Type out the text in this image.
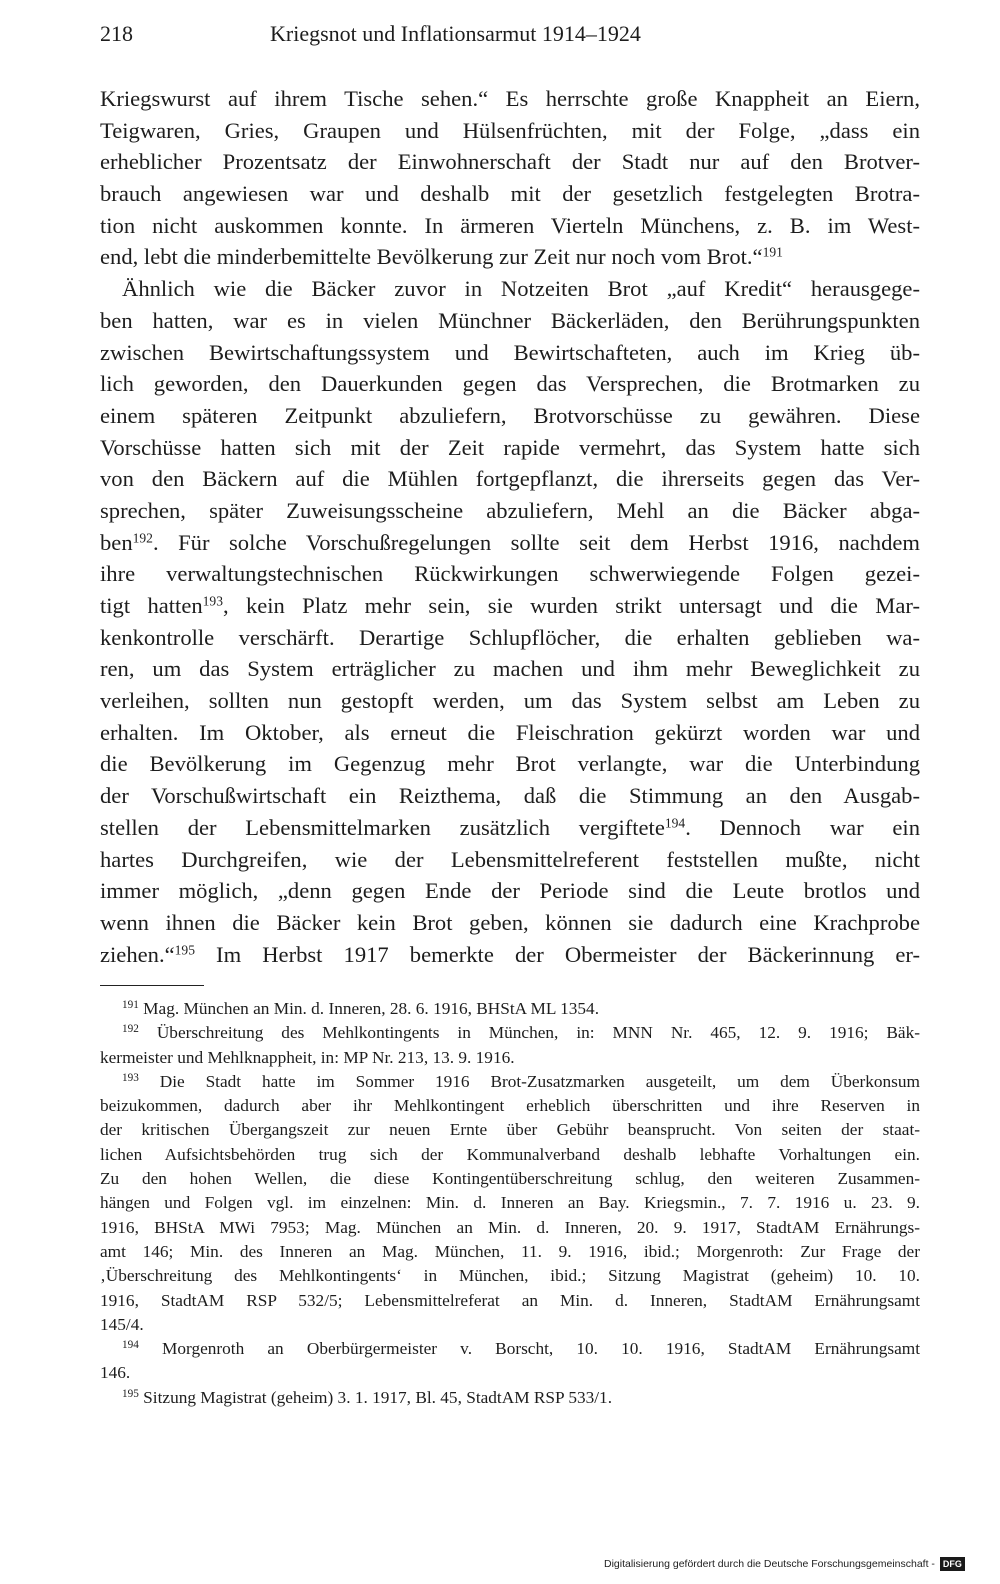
218	Kriegsnot und Inflationsarmut 1914–1924
Kriegswurst auf ihrem Tische sehen.“ Es herrschte große Knappheit an Eiern,
Teigwaren, Gries, Graupen und Hülsenfrüchten, mit der Folge, „dass ein
erheblicher Prozentsatz der Einwohnerschaft der Stadt nur auf den Brotver-
brauch angewiesen war und deshalb mit der gesetzlich festgelegten Brotra-
tion nicht auskommen konnte. In ärmeren Vierteln Münchens, z. B. im West-
end, lebt die minderbemittelte Bevölkerung zur Zeit nur noch vom Brot.“$^{191}$
Ähnlich wie die Bäcker zuvor in Notzeiten Brot „auf Kredit“ herausgege-
ben hatten, war es in vielen Münchner Bäckerläden, den Berührungspunkten
zwischen Bewirtschaftungssystem und Bewirtschafteten, auch im Krieg üb-
lich geworden, den Dauerkunden gegen das Versprechen, die Brotmarken zu
einem späteren Zeitpunkt abzuliefern, Brotvorschüsse zu gewähren. Diese
Vorschüsse hatten sich mit der Zeit rapide vermehrt, das System hatte sich
von den Bäckern auf die Mühlen fortgepflanzt, die ihrerseits gegen das Ver-
sprechen, später Zuweisungsscheine abzuliefern, Mehl an die Bäcker abga-
ben$^{192}$. Für solche Vorschußregelungen sollte seit dem Herbst 1916, nachdem
ihre verwaltungstechnischen Rückwirkungen schwerwiegende Folgen gezei-
tigt hatten$^{193}$, kein Platz mehr sein, sie wurden strikt untersagt und die Mar-
kenkontrolle verschärft. Derartige Schlupflöcher, die erhalten geblieben wa-
ren, um das System erträglicher zu machen und ihm mehr Beweglichkeit zu
verleihen, sollten nun gestopft werden, um das System selbst am Leben zu
erhalten. Im Oktober, als erneut die Fleischration gekürzt worden war und
die Bevölkerung im Gegenzug mehr Brot verlangte, war die Unterbindung
der Vorschußwirtschaft ein Reizthema, daß die Stimmung an den Ausgab-
stellen der Lebensmittelmarken zusätzlich vergiftete$^{194}$. Dennoch war ein
hartes Durchgreifen, wie der Lebensmittelreferent feststellen mußte, nicht
immer möglich, „denn gegen Ende der Periode sind die Leute brotlos und
wenn ihnen die Bäcker kein Brot geben, können sie dadurch eine Krachprobe
ziehen.“$^{195}$ Im Herbst 1917 bemerkte der Obermeister der Bäckerinnung er-
$^{191}$ Mag. München an Min. d. Inneren, 28. 6. 1916, BHStA ML 1354.
$^{192}$ Überschreitung des Mehlkontingents in München, in: MNN Nr. 465, 12. 9. 1916; Bäk-
kermeister und Mehlknappheit, in: MP Nr. 213, 13. 9. 1916.
$^{193}$ Die Stadt hatte im Sommer 1916 Brot-Zusatzmarken ausgeteilt, um dem Überkonsum
beizukommen, dadurch aber ihr Mehlkontingent erheblich überschritten und ihre Reserven in
der kritischen Übergangszeit zur neuen Ernte über Gebühr beansprucht. Von seiten der staat-
lichen Aufsichtsbehörden trug sich der Kommunalverband deshalb lebhafte Vorhaltungen ein.
Zu den hohen Wellen, die diese Kontingentüberschreitung schlug, den weiteren Zusammen-
hängen und Folgen vgl. im einzelnen: Min. d. Inneren an Bay. Kriegsmin., 7. 7. 1916 u. 23. 9.
1916, BHStA MWi 7953; Mag. München an Min. d. Inneren, 20. 9. 1917, StadtAM Ernährungs-
amt 146; Min. des Inneren an Mag. München, 11. 9. 1916, ibid.; Morgenroth: Zur Frage der
‚Überschreitung des Mehlkontingents‘ in München, ibid.; Sitzung Magistrat (geheim) 10. 10.
1916, StadtAM RSP 532/5; Lebensmittelreferat an Min. d. Inneren, StadtAM Ernährungsamt
145/4.
$^{194}$ Morgenroth an Oberbürgermeister v. Borscht, 10. 10. 1916, StadtAM Ernährungsamt
146.
$^{195}$ Sitzung Magistrat (geheim) 3. 1. 1917, Bl. 45, StadtAM RSP 533/1.
Digitalisierung gefördert durch die Deutsche Forschungsgemeinschaft - DFG
